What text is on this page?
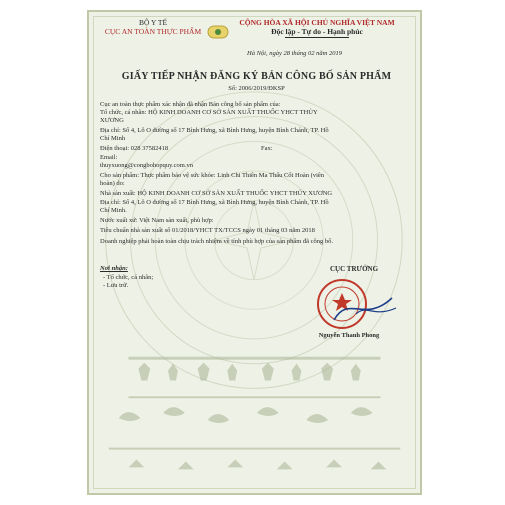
BỘ Y TẾ
CỤC AN TOÀN THỰC PHẨM
CỘNG HÒA XÃ HỘI CHỦ NGHĨA VIỆT NAM
Độc lập - Tự do - Hạnh phúc
Hà Nội, ngày 28 tháng 02 năm 2019
GIẤY TIẾP NHẬN ĐĂNG KÝ BẢN CÔNG BỐ SẢN PHẨM
Số: 2006/2019/ĐKSP
Cục an toàn thực phẩm xác nhận đã nhận Bản công bố sản phẩm của:
Tổ chức, cá nhân: HỘ KINH DOANH CƠ SỞ SẢN XUẤT THUỐC YHCT THỦY
XƯƠNG
Địa chỉ: Số 4, Lô O đường số 17 Bình Hưng, xã Bình Hưng, huyện Bình Chánh, TP. Hồ
Chí Minh
Điện thoại: 028 37582418	Fax:
Email:
thuyxuong@congbohopquy.com.vn
Cho sản phẩm: Thực phẩm bảo vệ sức khỏe: Linh Chi Thiên Ma Thấu Cốt Hoàn (viên
hoàn) do:
Nhà sản xuất: HỘ KINH DOANH CƠ SỞ SẢN XUẤT THUỐC YHCT THỦY XƯƠNG
Địa chỉ: Số 4, Lô O đường số 17 Bình Hưng, xã Bình Hưng, huyện Bình Chánh, TP. Hồ
Chí Minh.
Nước xuất xứ: Việt Nam sản xuất, phù hợp:
Tiêu chuẩn nhà sản xuất số 01/2018/YHCT TX/TCCS ngày 01 tháng 03 năm 2018
Doanh nghiệp phải hoàn toàn chịu trách nhiệm về tính phù hợp của sản phẩm đã công bố.
Nơi nhận:
- Tổ chức, cá nhân;
- Lưu trữ.
CỤC TRƯỞNG
Nguyễn Thanh Phong
